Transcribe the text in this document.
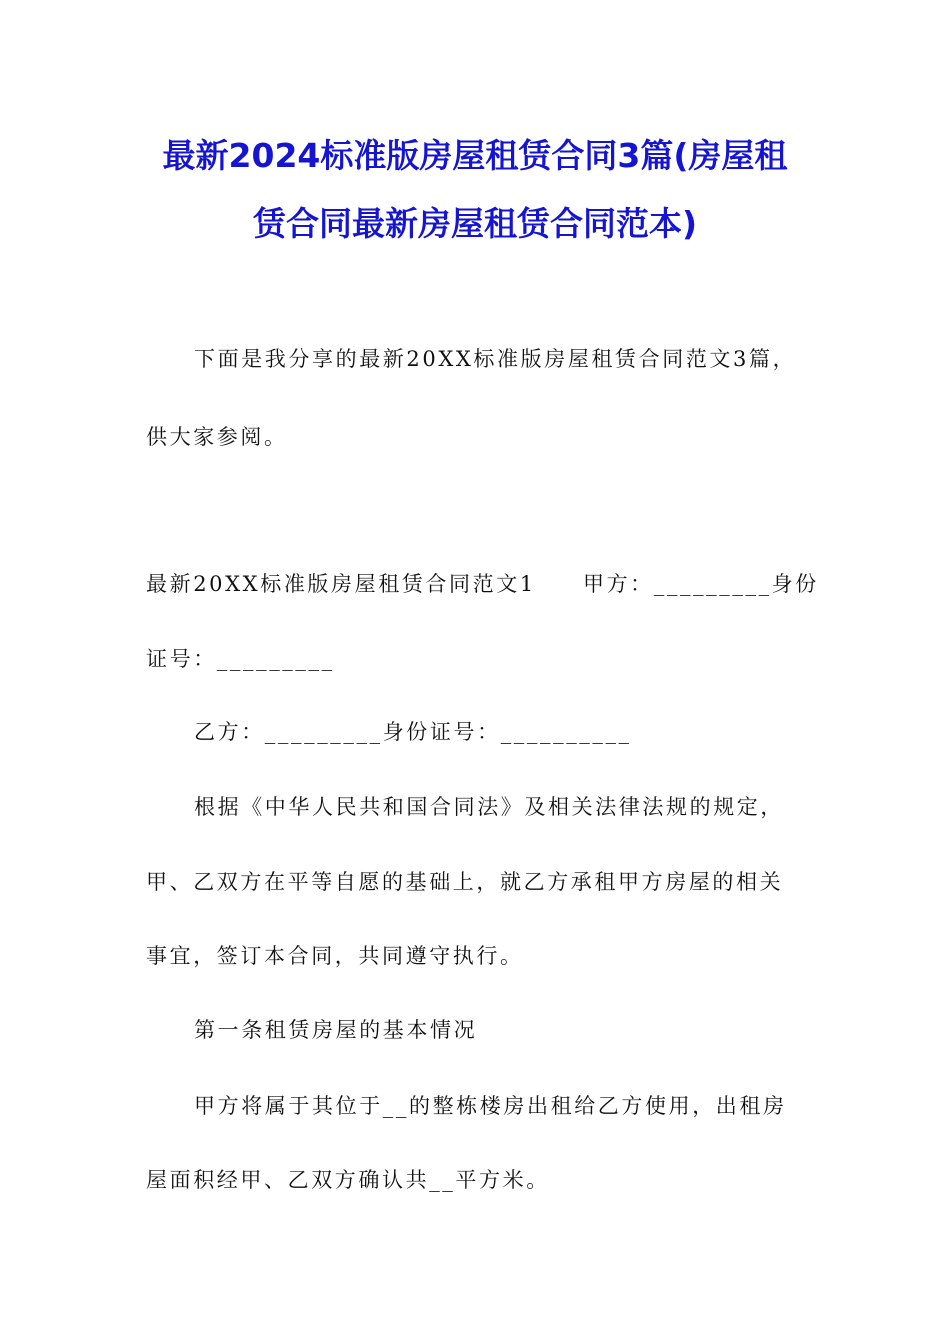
最新2024标准版房屋租赁合同3篇(房屋租
赁合同最新房屋租赁合同范本)
下面是我分享的最新20XX标准版房屋租赁合同范文3篇，
供大家参阅。
最新20XX标准版房屋租赁合同范文1　　甲方：_________身份
证号：_________
乙方：_________身份证号：__________
根据《中华人民共和国合同法》及相关法律法规的规定，
甲、乙双方在平等自愿的基础上，就乙方承租甲方房屋的相关
事宜，签订本合同，共同遵守执行。
第一条租赁房屋的基本情况
甲方将属于其位于__的整栋楼房出租给乙方使用，出租房
屋面积经甲、乙双方确认共__平方米。
